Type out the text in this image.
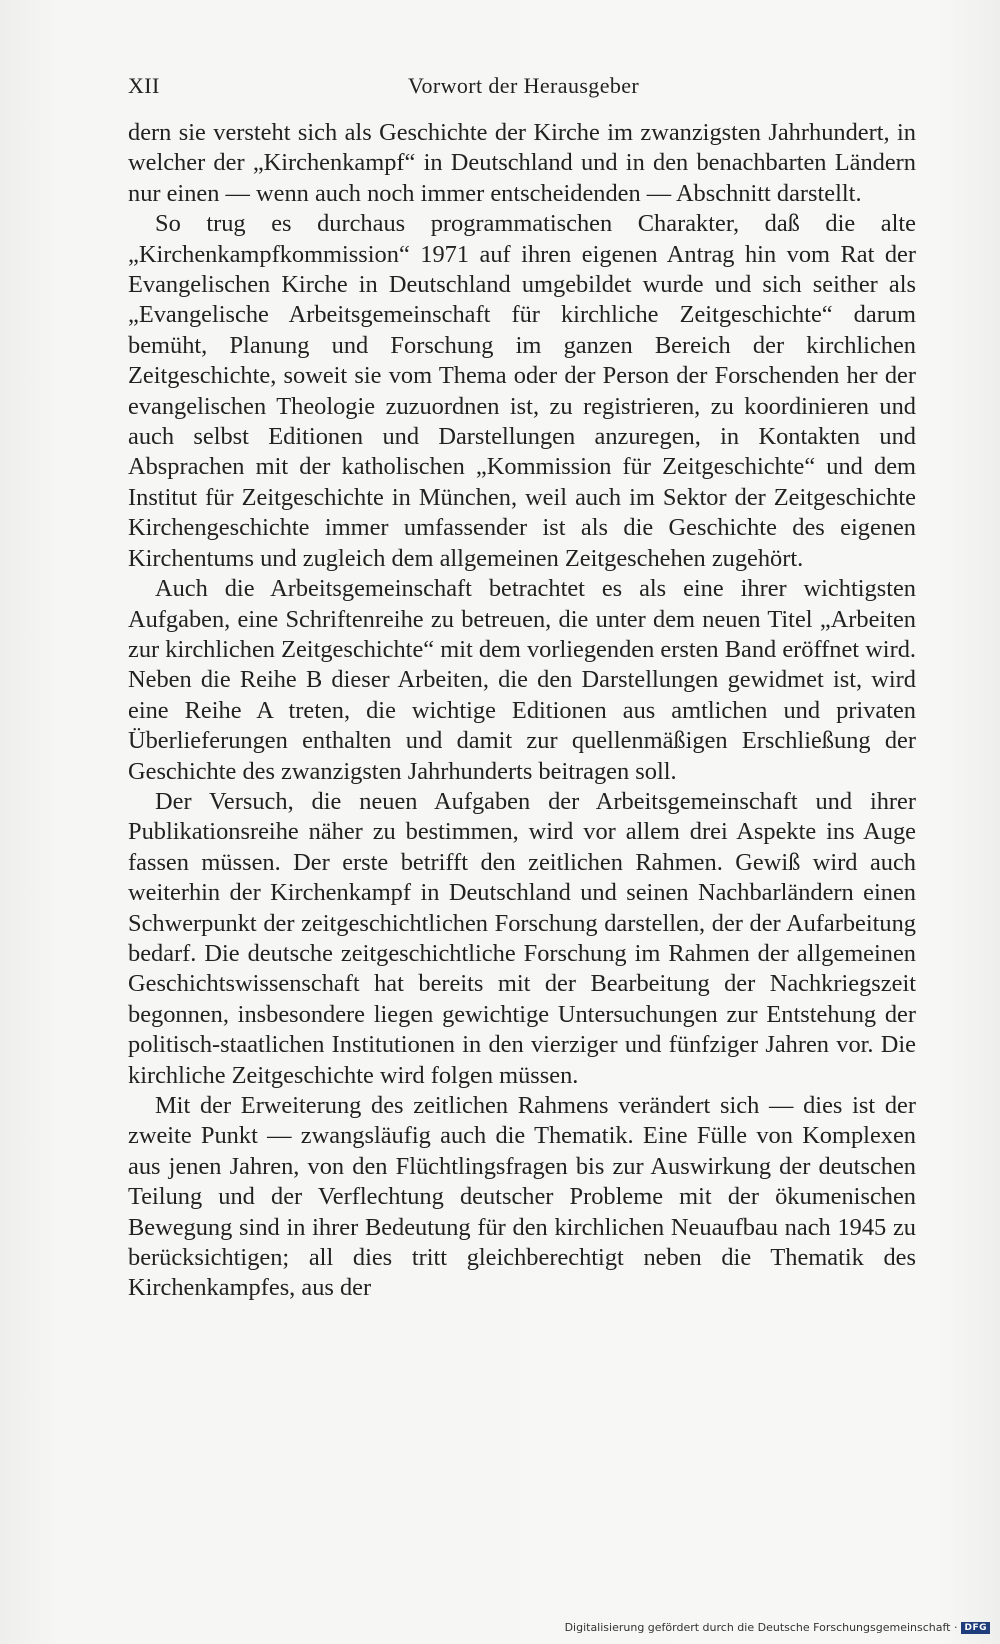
XII	Vorwort der Herausgeber

dern sie versteht sich als Geschichte der Kirche im zwanzigsten Jahrhundert, in welcher der „Kirchenkampf“ in Deutschland und in den benachbarten Ländern nur einen — wenn auch noch immer entscheidenden — Abschnitt darstellt.

So trug es durchaus programmatischen Charakter, daß die alte „Kirchenkampfkommission“ 1971 auf ihren eigenen Antrag hin vom Rat der Evangelischen Kirche in Deutschland umgebildet wurde und sich seither als „Evangelische Arbeitsgemeinschaft für kirchliche Zeitgeschichte“ darum bemüht, Planung und Forschung im ganzen Bereich der kirchlichen Zeitgeschichte, soweit sie vom Thema oder der Person der Forschenden her der evangelischen Theologie zuzuordnen ist, zu registrieren, zu koordinieren und auch selbst Editionen und Darstellungen anzuregen, in Kontakten und Absprachen mit der katholischen „Kommission für Zeitgeschichte“ und dem Institut für Zeitgeschichte in München, weil auch im Sektor der Zeitgeschichte Kirchengeschichte immer umfassender ist als die Geschichte des eigenen Kirchentums und zugleich dem allgemeinen Zeitgeschehen zugehört.

Auch die Arbeitsgemeinschaft betrachtet es als eine ihrer wichtigsten Aufgaben, eine Schriftenreihe zu betreuen, die unter dem neuen Titel „Arbeiten zur kirchlichen Zeitgeschichte“ mit dem vorliegenden ersten Band eröffnet wird. Neben die Reihe B dieser Arbeiten, die den Darstellungen gewidmet ist, wird eine Reihe A treten, die wichtige Editionen aus amtlichen und privaten Überlieferungen enthalten und damit zur quellenmäßigen Erschließung der Geschichte des zwanzigsten Jahrhunderts beitragen soll.

Der Versuch, die neuen Aufgaben der Arbeitsgemeinschaft und ihrer Publikationsreihe näher zu bestimmen, wird vor allem drei Aspekte ins Auge fassen müssen. Der erste betrifft den zeitlichen Rahmen. Gewiß wird auch weiterhin der Kirchenkampf in Deutschland und seinen Nachbarländern einen Schwerpunkt der zeitgeschichtlichen Forschung darstellen, der der Aufarbeitung bedarf. Die deutsche zeitgeschichtliche Forschung im Rahmen der allgemeinen Geschichtswissenschaft hat bereits mit der Bearbeitung der Nachkriegszeit begonnen, insbesondere liegen gewichtige Untersuchungen zur Entstehung der politisch-staatlichen Institutionen in den vierziger und fünfziger Jahren vor. Die kirchliche Zeitgeschichte wird folgen müssen.

Mit der Erweiterung des zeitlichen Rahmens verändert sich — dies ist der zweite Punkt — zwangsläufig auch die Thematik. Eine Fülle von Komplexen aus jenen Jahren, von den Flüchtlingsfragen bis zur Auswirkung der deutschen Teilung und der Verflechtung deutscher Probleme mit der ökumenischen Bewegung sind in ihrer Bedeutung für den kirchlichen Neuaufbau nach 1945 zu berücksichtigen; all dies tritt gleichberechtigt neben die Thematik des Kirchenkampfes, aus der

Digitalisierung gefördert durch die Deutsche Forschungsgemeinschaft · DFG
